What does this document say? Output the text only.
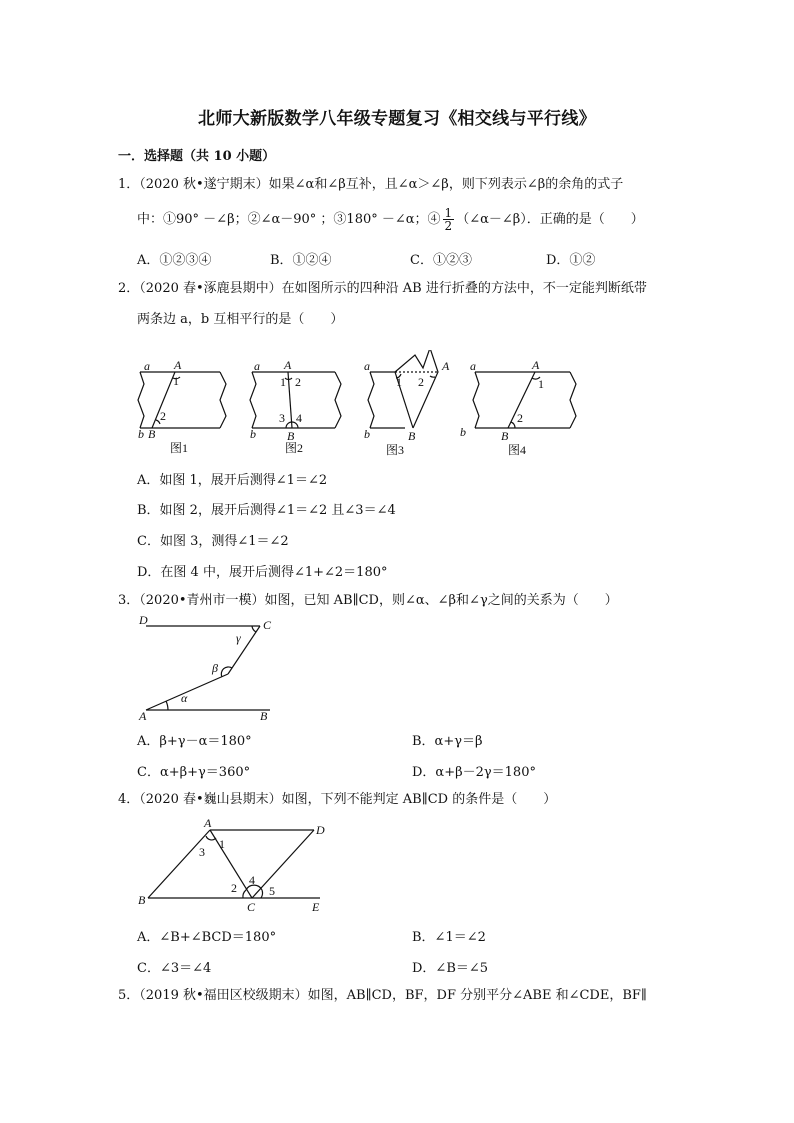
北师大新版数学八年级专题复习《相交线与平行线》
一．选择题（共 10 小题）
1．（2020 秋•遂宁期末）如果∠α和∠β互补，且∠α＞∠β，则下列表示∠β的余角的式子
中：①90° －∠β；②∠α－90° ；③180° －∠α；④ $\frac{1}{2}$ （∠α－∠β）．正确的是（　　）
A．①②③④	B．①②④	C．①②③	D．①②
2．（2020 春•涿鹿县期中）在如图所示的四种沿 AB 进行折叠的方法中，不一定能判断纸带
两条边 a，b 互相平行的是（　　）
a A
1
2
b B
图1
a A
1 2
3 4
b	B
图2
a	A
1 2
b	B
图3
a	A
1
2
b	B
图4
A．如图 1，展开后测得∠1＝∠2
B．如图 2，展开后测得∠1＝∠2 且∠3＝∠4
C．如图 3，测得∠1＝∠2
D．在图 4 中，展开后测得∠1+∠2＝180°
3．（2020•青州市一模）如图，已知 AB∥CD，则∠α、∠β和∠γ之间的关系为（　　）
D	C
γ
β
α
A	B
A．β+γ－α＝180°	B．α+γ＝β
C．α+β+γ＝360°	D．α+β－2γ＝180°
4．（2020 春•巍山县期末）如图，下列不能判定 AB∥CD 的条件是（　　）
A	D
3
1
2
4
5
B	C	E
A．∠B+∠BCD＝180°	B．∠1＝∠2
C．∠3＝∠4	D．∠B＝∠5
5．（2019 秋•福田区校级期末）如图，AB∥CD，BF，DF 分别平分∠ABE 和∠CDE，BF∥
